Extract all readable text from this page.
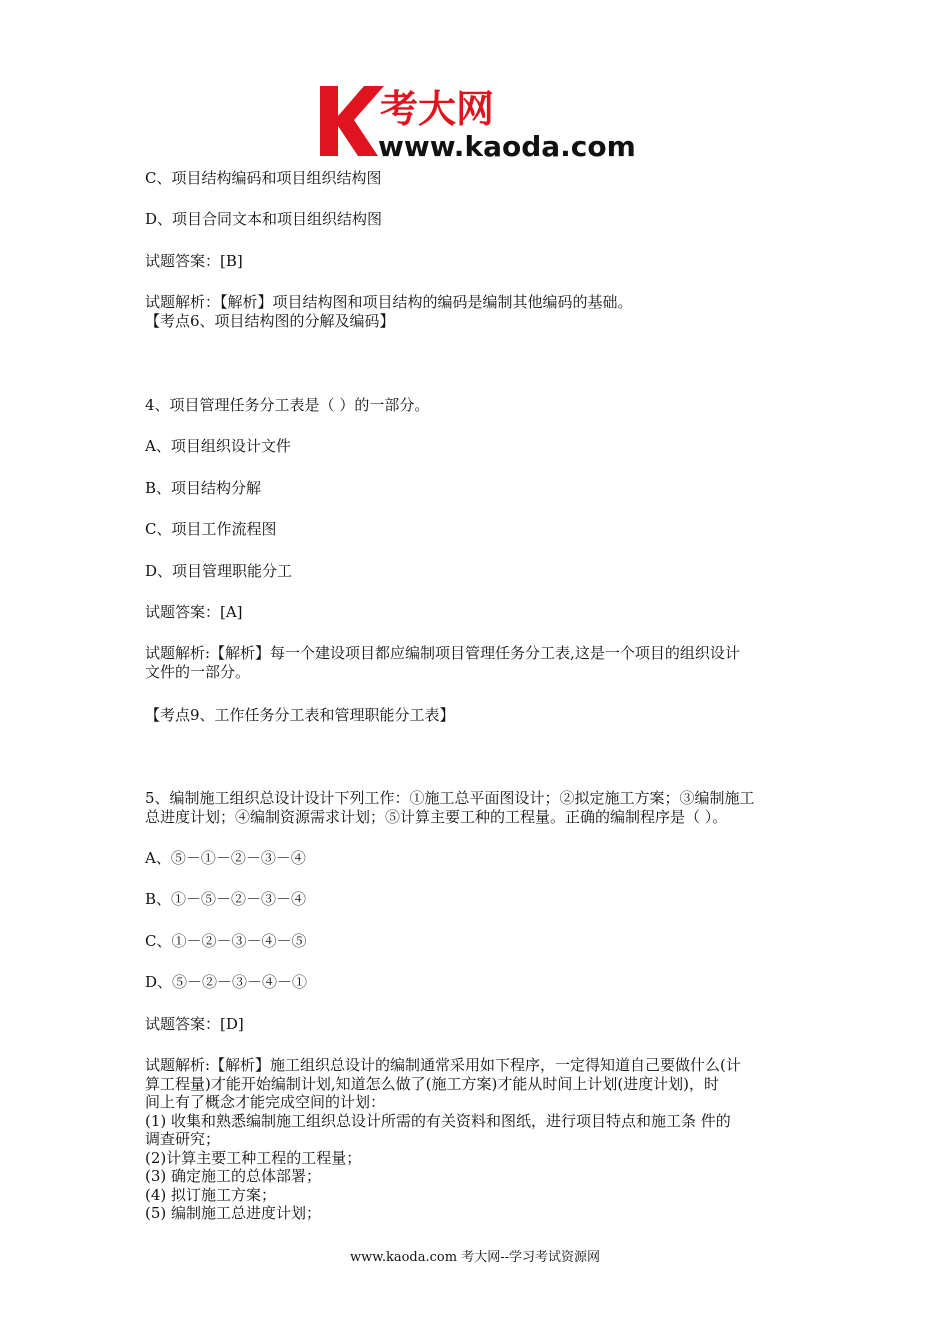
考大网
www.kaoda.com

C、项目结构编码和项目组织结构图

D、项目合同文本和项目组织结构图

试题答案：[B]

试题解析：【解析】项目结构图和项目结构的编码是编制其他编码的基础。
【考点6、项目结构图的分解及编码】

4、项目管理任务分工表是（ ）的一部分。

A、项目组织设计文件

B、项目结构分解

C、项目工作流程图

D、项目管理职能分工

试题答案：[A]

试题解析:【解析】每一个建设项目都应编制项目管理任务分工表,这是一个项目的组织设计
文件的一部分。

【考点9、工作任务分工表和管理职能分工表】

5、编制施工组织总设计设计下列工作：①施工总平面图设计；②拟定施工方案；③编制施工
总进度计划；④编制资源需求计划；⑤计算主要工种的工程量。正确的编制程序是（ ）。

A、⑤－①－②－③－④

B、①－⑤－②－③－④

C、①－②－③－④－⑤

D、⑤－②－③－④－①

试题答案：[D]

试题解析:【解析】施工组织总设计的编制通常采用如下程序，一定得知道自己要做什么(计
算工程量)才能开始编制计划,知道怎么做了(施工方案)才能从时间上计划(进度计划)，时
间上有了概念才能完成空间的计划：
(1) 收集和熟悉编制施工组织总设计所需的有关资料和图纸，进行项目特点和施工条 件的
调查研究；
(2)计算主要工种工程的工程量；
(3) 确定施工的总体部署；
(4) 拟订施工方案；
(5) 编制施工总进度计划；
www.kaoda.com 考大网--学习考试资源网
